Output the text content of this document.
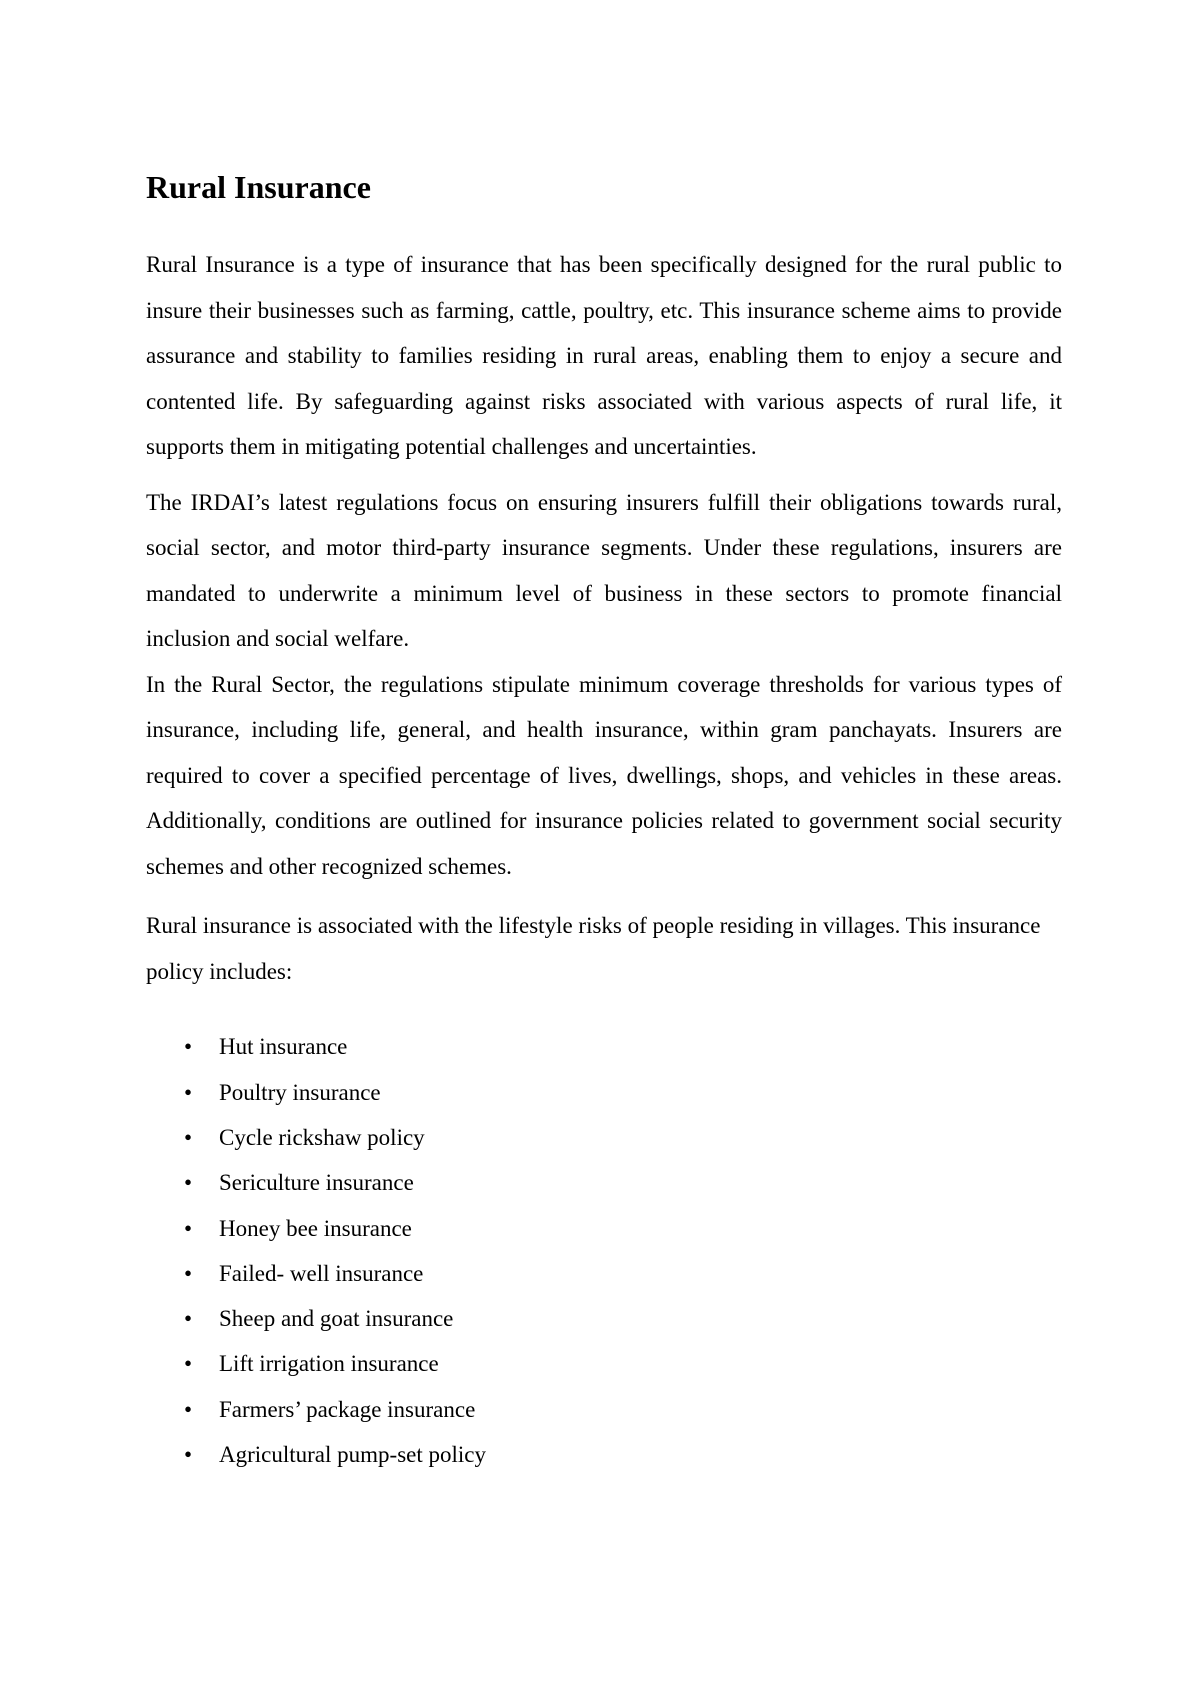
Rural Insurance

Rural Insurance is a type of insurance that has been specifically designed for the rural public to insure their businesses such as farming, cattle, poultry, etc. This insurance scheme aims to provide assurance and stability to families residing in rural areas, enabling them to enjoy a secure and contented life. By safeguarding against risks associated with various aspects of rural life, it supports them in mitigating potential challenges and uncertainties.

The IRDAI’s latest regulations focus on ensuring insurers fulfill their obligations towards rural, social sector, and motor third-party insurance segments. Under these regulations, insurers are mandated to underwrite a minimum level of business in these sectors to promote financial inclusion and social welfare.

In the Rural Sector, the regulations stipulate minimum coverage thresholds for various types of insurance, including life, general, and health insurance, within gram panchayats. Insurers are required to cover a specified percentage of lives, dwellings, shops, and vehicles in these areas. Additionally, conditions are outlined for insurance policies related to government social security schemes and other recognized schemes.

Rural insurance is associated with the lifestyle risks of people residing in villages. This insurance policy includes:

• Hut insurance
• Poultry insurance
• Cycle rickshaw policy
• Sericulture insurance
• Honey bee insurance
• Failed- well insurance
• Sheep and goat insurance
• Lift irrigation insurance
• Farmers’ package insurance
• Agricultural pump-set policy
